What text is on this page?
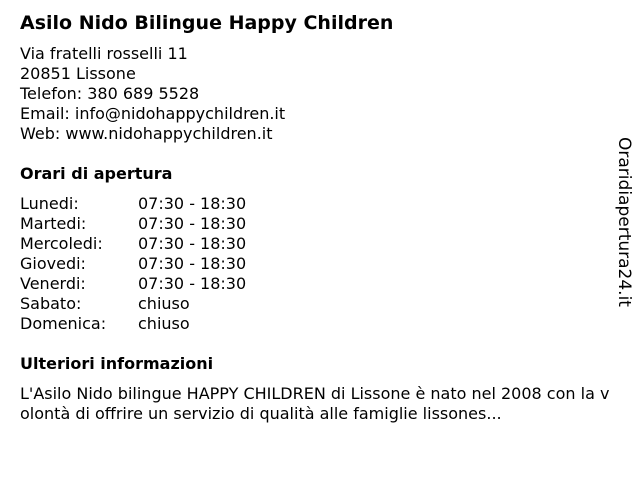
Asilo Nido Bilingue Happy Children
Via fratelli rosselli 11
20851 Lissone
Telefon: 380 689 5528
Email: info@nidohappychildren.it
Web: www.nidohappychildren.it
Orari di apertura
Lunedi:	07:30 - 18:30
Martedi:	07:30 - 18:30
Mercoledi: 07:30 - 18:30
Giovedi:	07:30 - 18:30
Venerdi:	07:30 - 18:30
Sabato:	chiuso
Domenica: chiuso
Ulteriori informazioni

L'Asilo Nido bilingue HAPPY CHILDREN di Lissone è nato nel 2008 con la volontà di offrire un servizio di qualità alle famiglie lissones...

Oraridiapertura24.it
